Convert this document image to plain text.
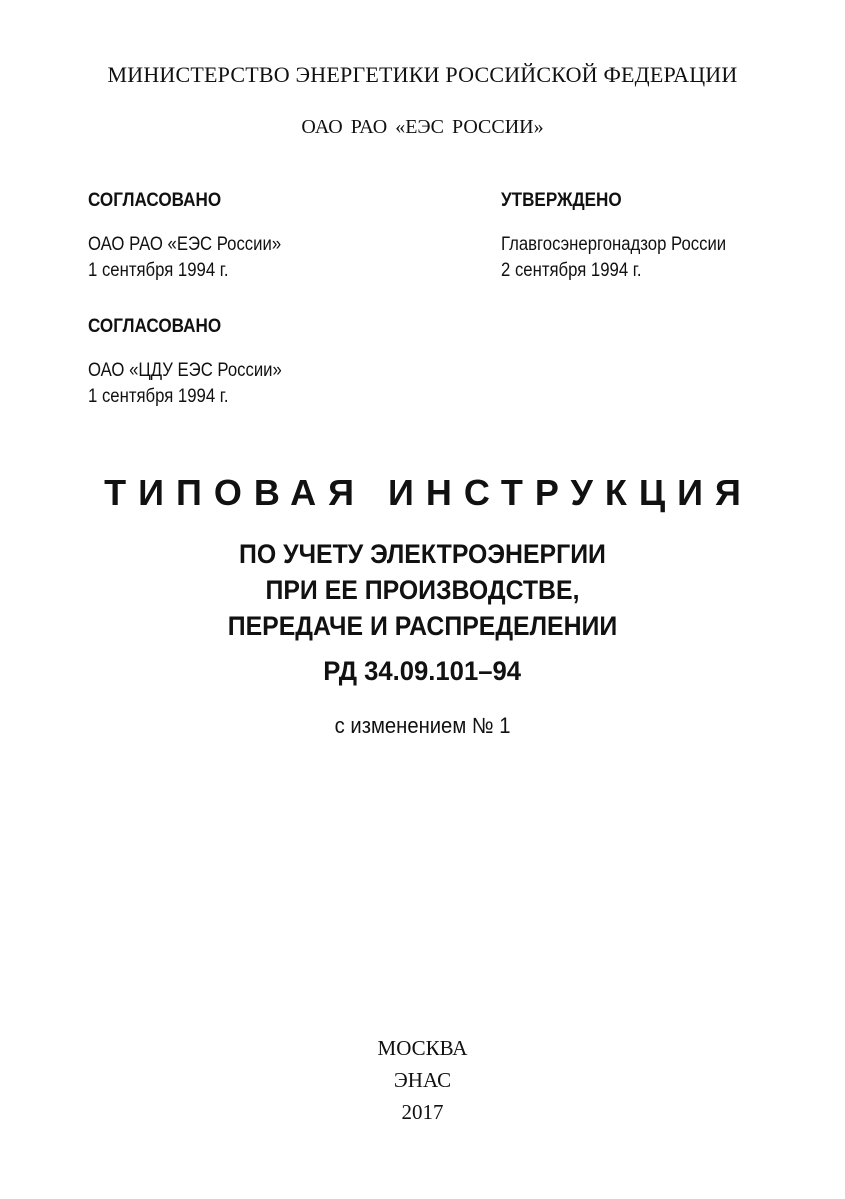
МИНИСТЕРСТВО ЭНЕРГЕТИКИ РОССИЙСКОЙ ФЕДЕРАЦИИ
ОАО РАО «ЕЭС РОССИИ»
СОГЛАСОВАНО
ОАО РАО «ЕЭС России»
1 сентября 1994 г.
УТВЕРЖДЕНО
Главгосэнергонадзор России
2 сентября 1994 г.
СОГЛАСОВАНО
ОАО «ЦДУ ЕЭС России»
1 сентября 1994 г.
ТИПОВАЯ ИНСТРУКЦИЯ
ПО УЧЕТУ ЭЛЕКТРОЭНЕРГИИ
ПРИ ЕЕ ПРОИЗВОДСТВЕ,
ПЕРЕДАЧЕ И РАСПРЕДЕЛЕНИИ
РД 34.09.101–94
с изменением № 1
МОСКВА
ЭНАС
2017
